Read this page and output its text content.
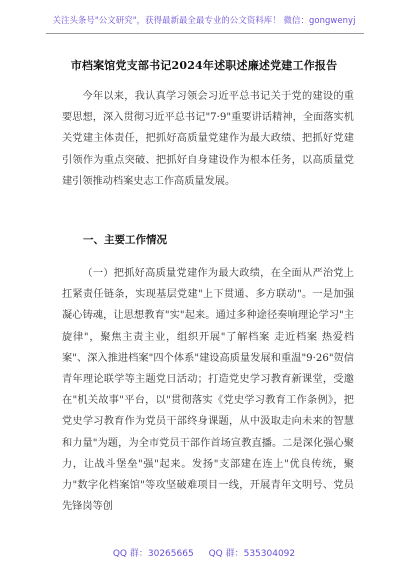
关注头条号"公文研究"，获得最新最全最专业的公文资料库！ 微信：gongwenyj
市档案馆党支部书记2024年述职述廉述党建工作报告

今年以来，我认真学习领会习近平总书记关于党的建设的重要思想，深入贯彻习近平总书记"7·9"重要讲话精神，全面落实机关党建主体责任，把抓好高质量党建作为最大政绩、把抓好党建引领作为重点突破、把抓好自身建设作为根本任务，以高质量党建引领推动档案史志工作高质量发展。

一、主要工作情况

（一）把抓好高质量党建作为最大政绩，在全面从严治党上扛紧责任链条，实现基层党建"上下贯通、多方联动"。一是加强凝心铸魂，让思想教育"实"起来。通过多种途径奏响理论学习"主旋律"，聚焦主责主业，组织开展"了解档案 走近档案 热爱档案"、深入推进档案"四个体系"建设高质量发展和重温"9·26"贺信青年理论联学等主题党日活动；打造党史学习教育新课堂，受邀在"机关故事"平台，以"贯彻落实《党史学习教育工作条例》，把党史学习教育作为党员干部终身课题，从中汲取走向未来的智慧和力量"为题，为全市党员干部作首场宣教直播。二是深化强心聚力，让战斗堡垒"强"起来。发扬"支部建在连上"优良传统，聚力"数字化档案馆"等攻坚破难项目一线，开展青年文明号、党员先锋岗等创

QQ 群：30265665 QQ 群：535304092
